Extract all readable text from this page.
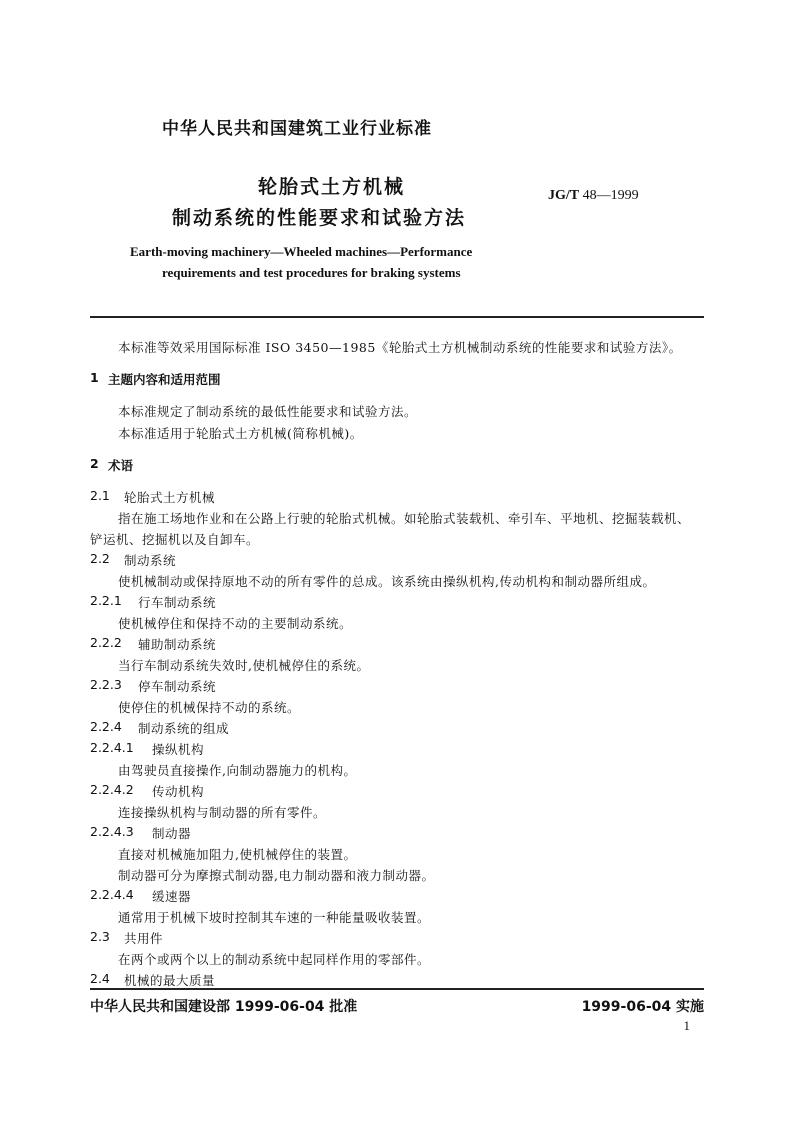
中华人民共和国建筑工业行业标准
轮胎式土方机械
制动系统的性能要求和试验方法
JG/T 48—1999
Earth-moving machinery—Wheeled machines—Performance
requirements and test procedures for braking systems
本标准等效采用国际标准 ISO 3450—1985《轮胎式土方机械制动系统的性能要求和试验方法》。
1 主题内容和适用范围
本标准规定了制动系统的最低性能要求和试验方法。
本标准适用于轮胎式土方机械(简称机械)。
2 术语
2.1 轮胎式土方机械
指在施工场地作业和在公路上行驶的轮胎式机械。如轮胎式装载机、牵引车、平地机、挖掘装载机、
铲运机、挖掘机以及自卸车。
2.2 制动系统
使机械制动或保持原地不动的所有零件的总成。该系统由操纵机构,传动机构和制动器所组成。
2.2.1 行车制动系统
使机械停住和保持不动的主要制动系统。
2.2.2 辅助制动系统
当行车制动系统失效时,使机械停住的系统。
2.2.3 停车制动系统
使停住的机械保持不动的系统。
2.2.4 制动系统的组成
2.2.4.1 操纵机构
由驾驶员直接操作,向制动器施力的机构。
2.2.4.2 传动机构
连接操纵机构与制动器的所有零件。
2.2.4.3 制动器
直接对机械施加阻力,使机械停住的装置。
制动器可分为摩擦式制动器,电力制动器和液力制动器。
2.2.4.4 缓速器
通常用于机械下坡时控制其车速的一种能量吸收装置。
2.3 共用件
在两个或两个以上的制动系统中起同样作用的零部件。
2.4 机械的最大质量
中华人民共和国建设部 1999-06-04 批准	1999-06-04 实施
1
